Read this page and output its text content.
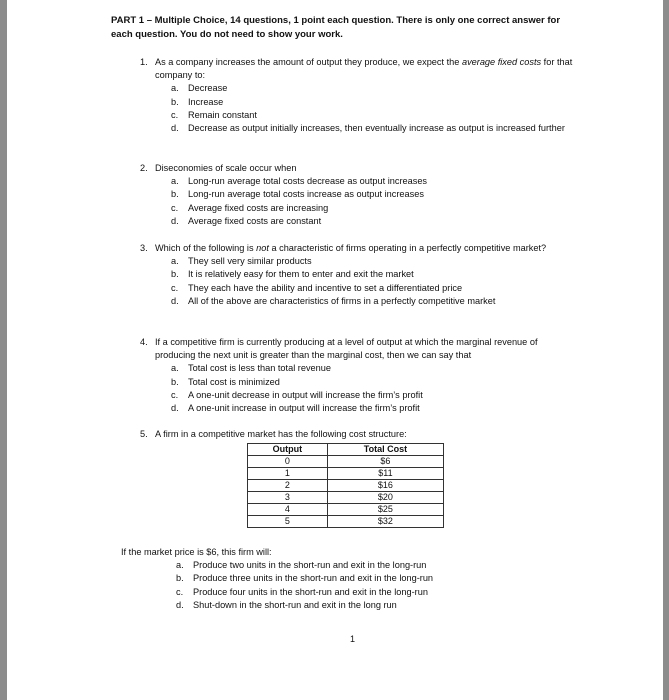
PART 1 – Multiple Choice, 14 questions, 1 point each question. There is only one correct answer for each question. You do not need to show your work.
1. As a company increases the amount of output they produce, we expect the average fixed costs for that company to:
a. Decrease
b. Increase
c. Remain constant
d. Decrease as output initially increases, then eventually increase as output is increased further
2. Diseconomies of scale occur when
a. Long-run average total costs decrease as output increases
b. Long-run average total costs increase as output increases
c. Average fixed costs are increasing
d. Average fixed costs are constant
3. Which of the following is not a characteristic of firms operating in a perfectly competitive market?
a. They sell very similar products
b. It is relatively easy for them to enter and exit the market
c. They each have the ability and incentive to set a differentiated price
d. All of the above are characteristics of firms in a perfectly competitive market
4. If a competitive firm is currently producing at a level of output at which the marginal revenue of producing the next unit is greater than the marginal cost, then we can say that
a. Total cost is less than total revenue
b. Total cost is minimized
c. A one-unit decrease in output will increase the firm’s profit
d. A one-unit increase in output will increase the firm’s profit
5. A firm in a competitive market has the following cost structure:
Output	Total Cost
0	$6
1	$11
2	$16
3	$20
4	$25
5	$32
If the market price is $6, this firm will:
a. Produce two units in the short-run and exit in the long-run
b. Produce three units in the short-run and exit in the long-run
c. Produce four units in the short-run and exit in the long-run
d. Shut-down in the short-run and exit in the long run
1
